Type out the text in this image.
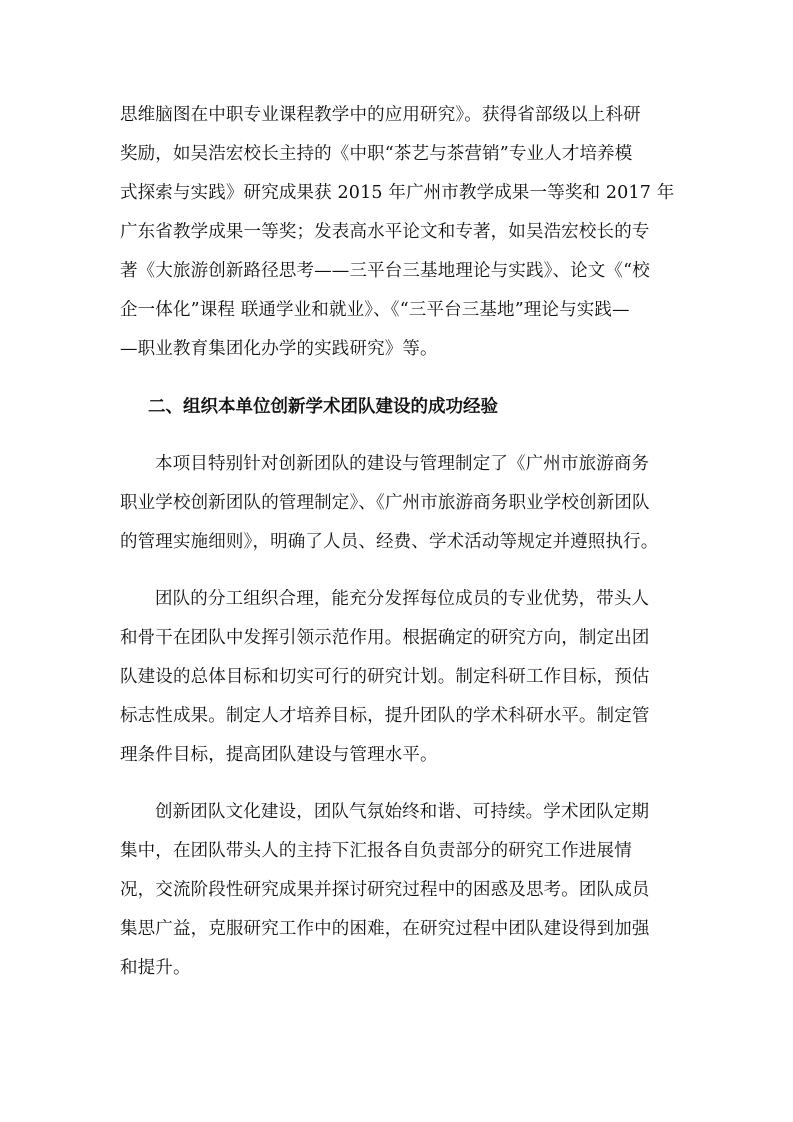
思维脑图在中职专业课程教学中的应用研究》。获得省部级以上科研
奖励，如吴浩宏校长主持的《中职“茶艺与茶营销”专业人才培养模
式探索与实践》研究成果获 2015 年广州市教学成果一等奖和 2017 年
广东省教学成果一等奖；发表高水平论文和专著，如吴浩宏校长的专
著《大旅游创新路径思考——三平台三基地理论与实践》、论文《“校
企一体化”课程 联通学业和就业》、《“三平台三基地”理论与实践—
—职业教育集团化办学的实践研究》等。
二、组织本单位创新学术团队建设的成功经验
本项目特别针对创新团队的建设与管理制定了《广州市旅游商务
职业学校创新团队的管理制定》、《广州市旅游商务职业学校创新团队
的管理实施细则》，明确了人员、经费、学术活动等规定并遵照执行。
团队的分工组织合理，能充分发挥每位成员的专业优势，带头人
和骨干在团队中发挥引领示范作用。根据确定的研究方向，制定出团
队建设的总体目标和切实可行的研究计划。制定科研工作目标，预估
标志性成果。制定人才培养目标，提升团队的学术科研水平。制定管
理条件目标，提高团队建设与管理水平。
创新团队文化建设，团队气氛始终和谐、可持续。学术团队定期
集中，在团队带头人的主持下汇报各自负责部分的研究工作进展情
况，交流阶段性研究成果并探讨研究过程中的困惑及思考。团队成员
集思广益，克服研究工作中的困难，在研究过程中团队建设得到加强
和提升。
